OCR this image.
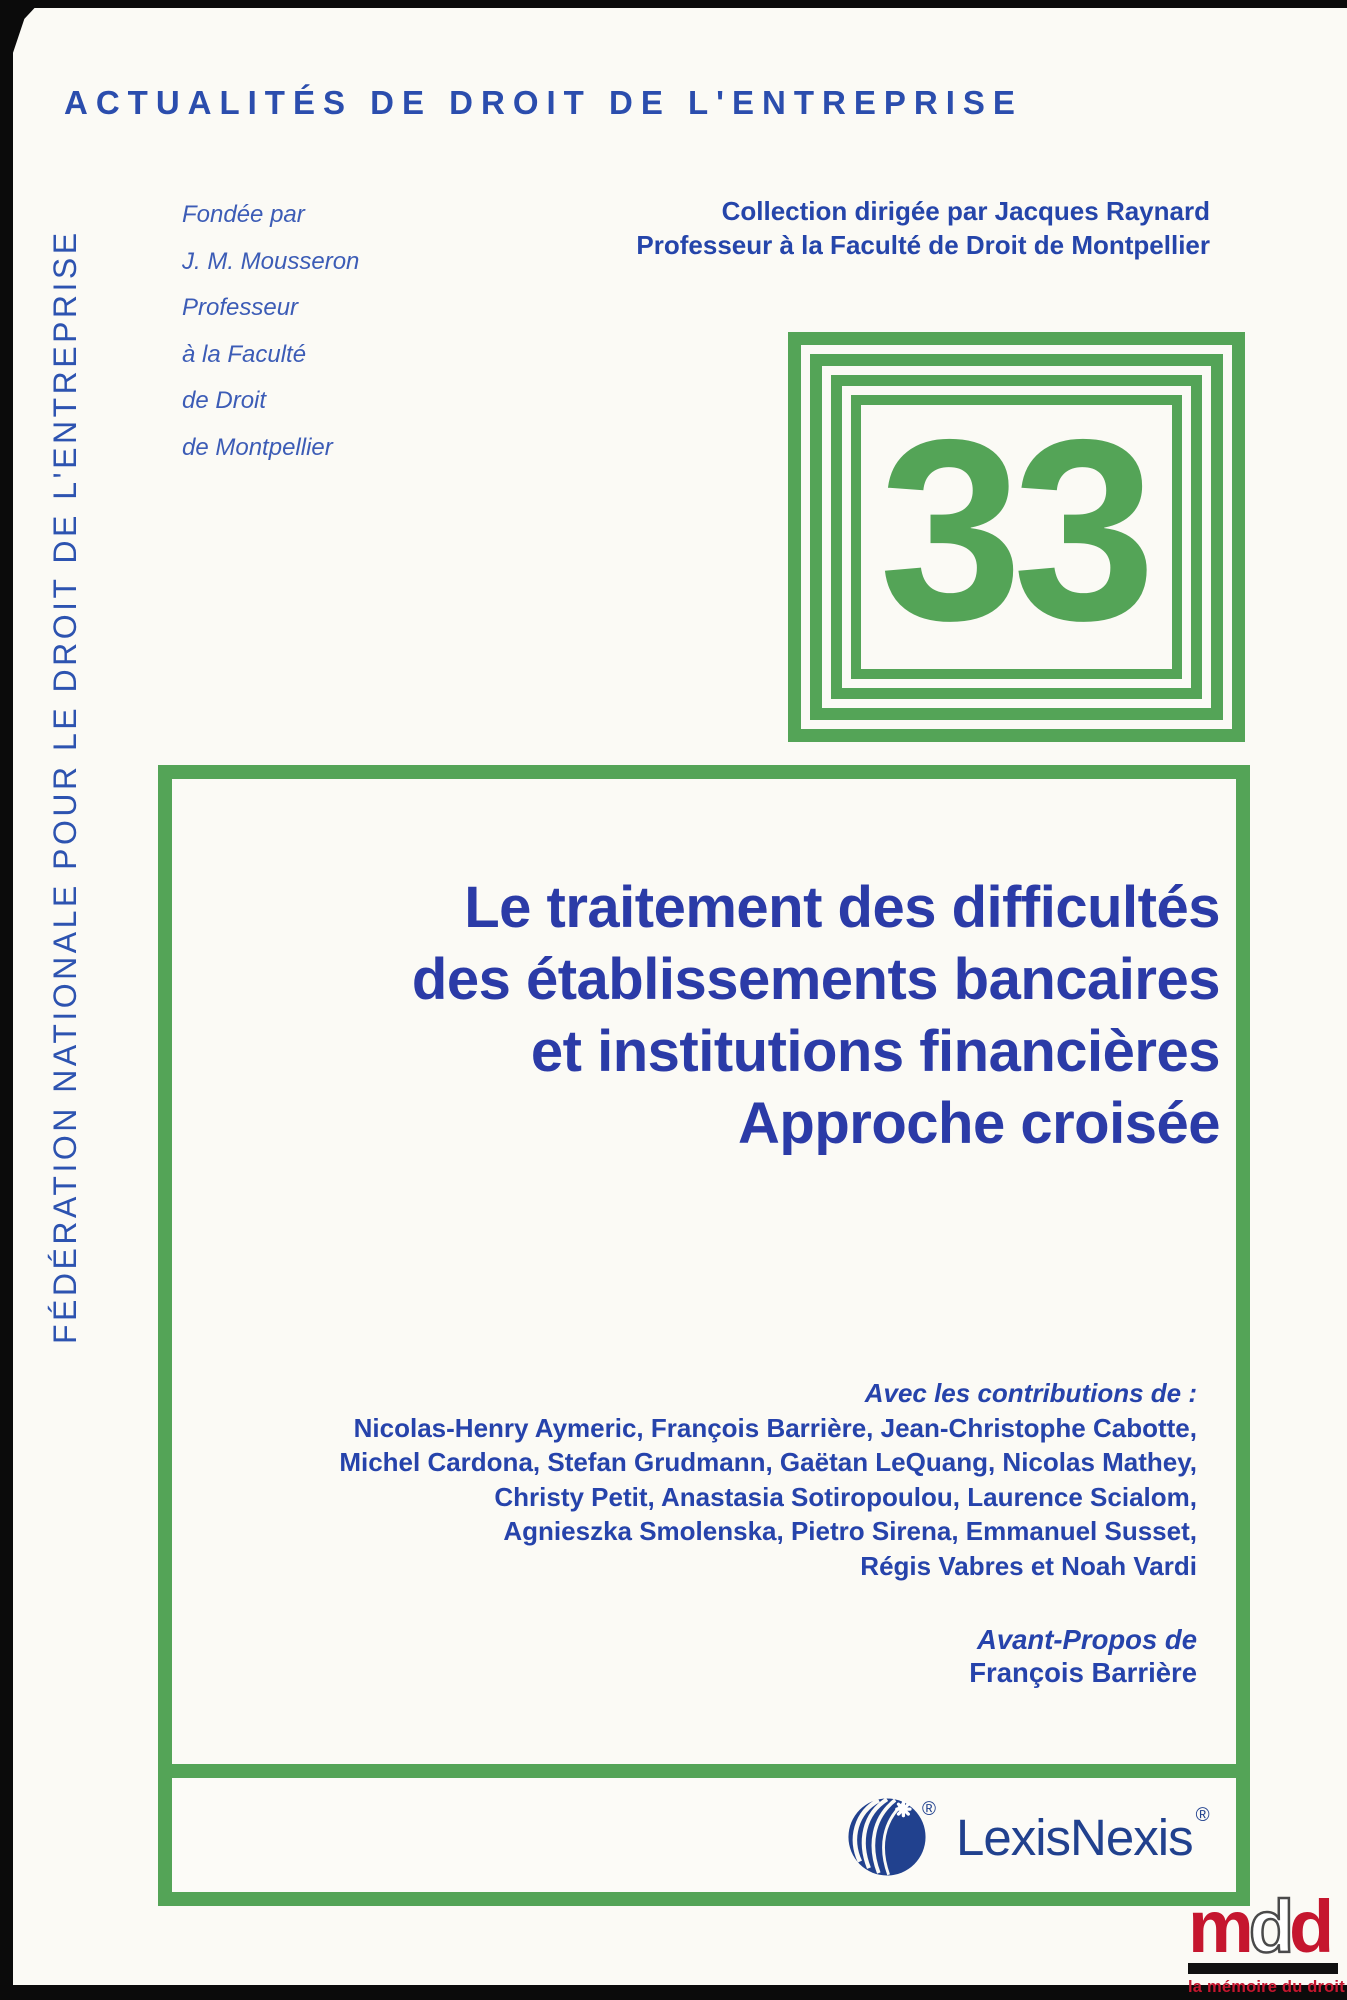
ACTUALITÉS DE DROIT DE L'ENTREPRISE
FÉDÉRATION NATIONALE POUR LE DROIT DE L'ENTREPRISE
Fondée par
J. M. Mousseron
Professeur
à la Faculté
de Droit
de Montpellier
Collection dirigée par Jacques Raynard
Professeur à la Faculté de Droit de Montpellier
33
Le traitement des difficultés
des établissements bancaires
et institutions financières
Approche croisée
Avec les contributions de :
Nicolas-Henry Aymeric, François Barrière, Jean-Christophe Cabotte,
Michel Cardona, Stefan Grudmann, Gaëtan LeQuang, Nicolas Mathey,
Christy Petit, Anastasia Sotiropoulou, Laurence Scialom,
Agnieszka Smolenska, Pietro Sirena, Emmanuel Susset,
Régis Vabres et Noah Vardi
Avant-Propos de
François Barrière
® LexisNexis ®
mdd
la mémoire du droit
